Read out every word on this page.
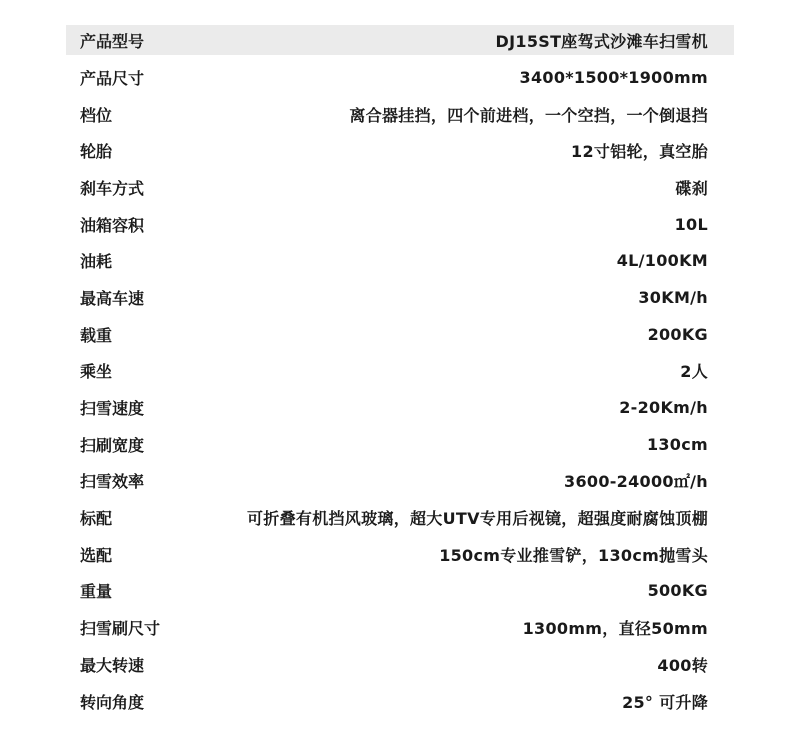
产品型号	DJ15ST座驾式沙滩车扫雪机
产品尺寸	3400*1500*1900mm
档位	离合器挂挡，四个前进档，一个空挡，一个倒退挡
轮胎	12寸铝轮，真空胎
刹车方式	碟刹
油箱容积	10L
油耗	4L/100KM
最高车速	30KM/h
载重	200KG
乘坐	2人
扫雪速度	2-20Km/h
扫刷宽度	130cm
扫雪效率	3600-24000㎡/h
标配	可折叠有机挡风玻璃，超大UTV专用后视镜，超强度耐腐蚀顶棚
选配	150cm专业推雪铲，130cm抛雪头
重量	500KG
扫雪刷尺寸	1300mm，直径50mm
最大转速	400转
转向角度	25° 可升降
